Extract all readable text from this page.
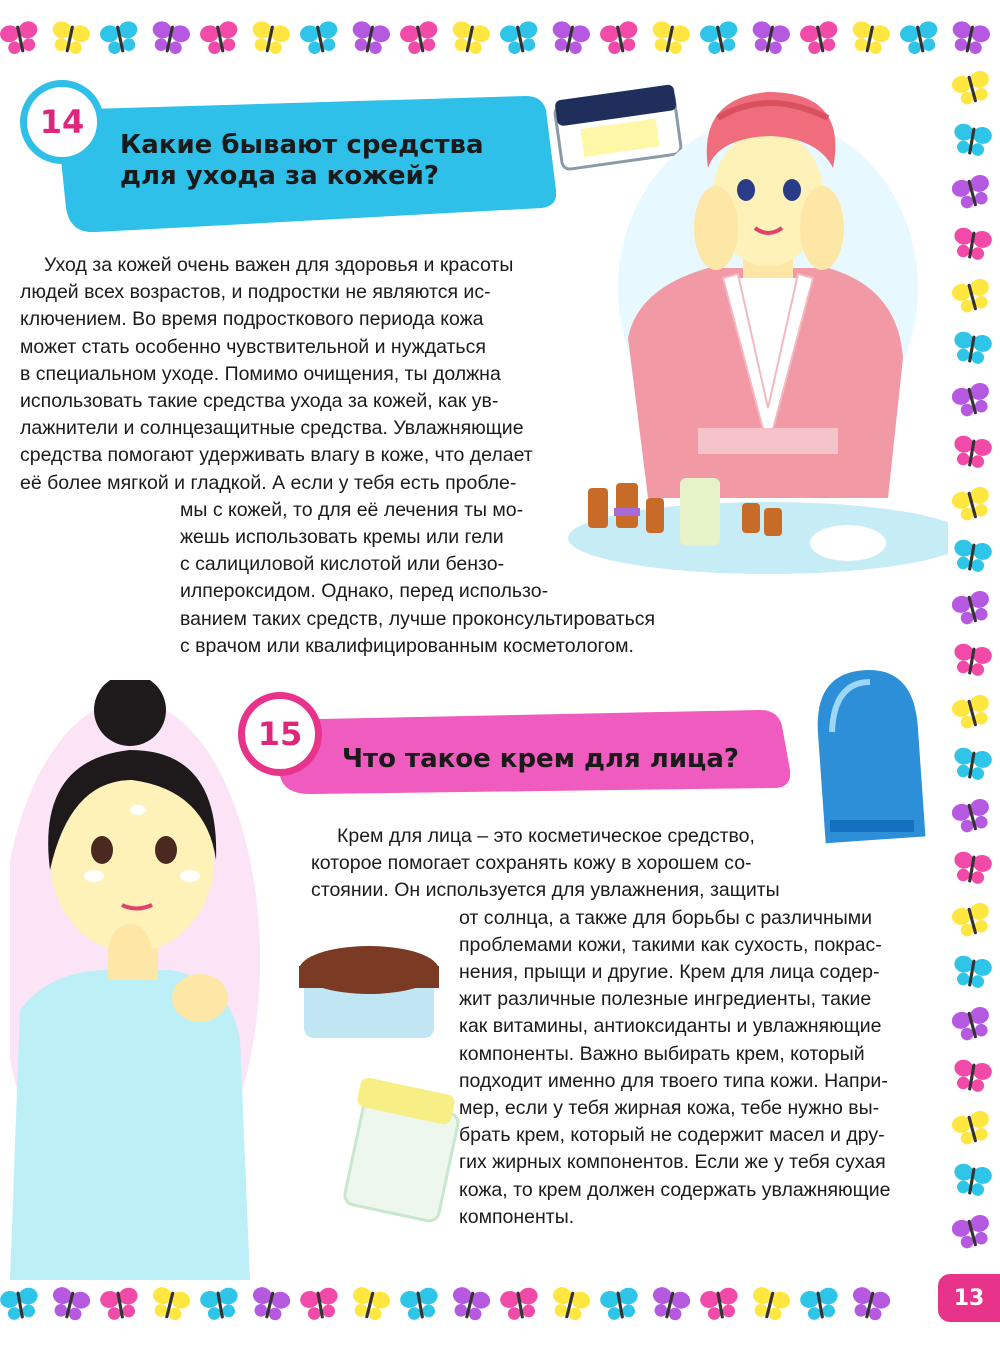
14
Какие бывают средства
для ухода за кожей?
Уход за кожей очень важен для здоровья и красоты
людей всех возрастов, и подростки не являются ис-
ключением. Во время подросткового периода кожа
может стать особенно чувствительной и нуждаться
в специальном уходе. Помимо очищения, ты должна
использовать такие средства ухода за кожей, как ув-
лажнители и солнцезащитные средства. Увлажняющие
средства помогают удерживать влагу в коже, что делает
её более мягкой и гладкой. А если у тебя есть пробле-
мы с кожей, то для её лечения ты мо-
жешь использовать кремы или гели
с салициловой кислотой или бензо-
илпероксидом. Однако, перед использо-
ванием таких средств, лучше проконсультироваться
с врачом или квалифицированным косметологом.
15
Что такое крем для лица?
Крем для лица – это косметическое средство,
которое помогает сохранять кожу в хорошем со-
стоянии. Он используется для увлажнения, защиты
от солнца, а также для борьбы с различными
проблемами кожи, такими как сухость, покрас-
нения, прыщи и другие. Крем для лица содер-
жит различные полезные ингредиенты, такие
как витамины, антиоксиданты и увлажняющие
компоненты. Важно выбирать крем, который
подходит именно для твоего типа кожи. Напри-
мер, если у тебя жирная кожа, тебе нужно вы-
брать крем, который не содержит масел и дру-
гих жирных компонентов. Если же у тебя сухая
кожа, то крем должен содержать увлажняющие
компоненты.
13
